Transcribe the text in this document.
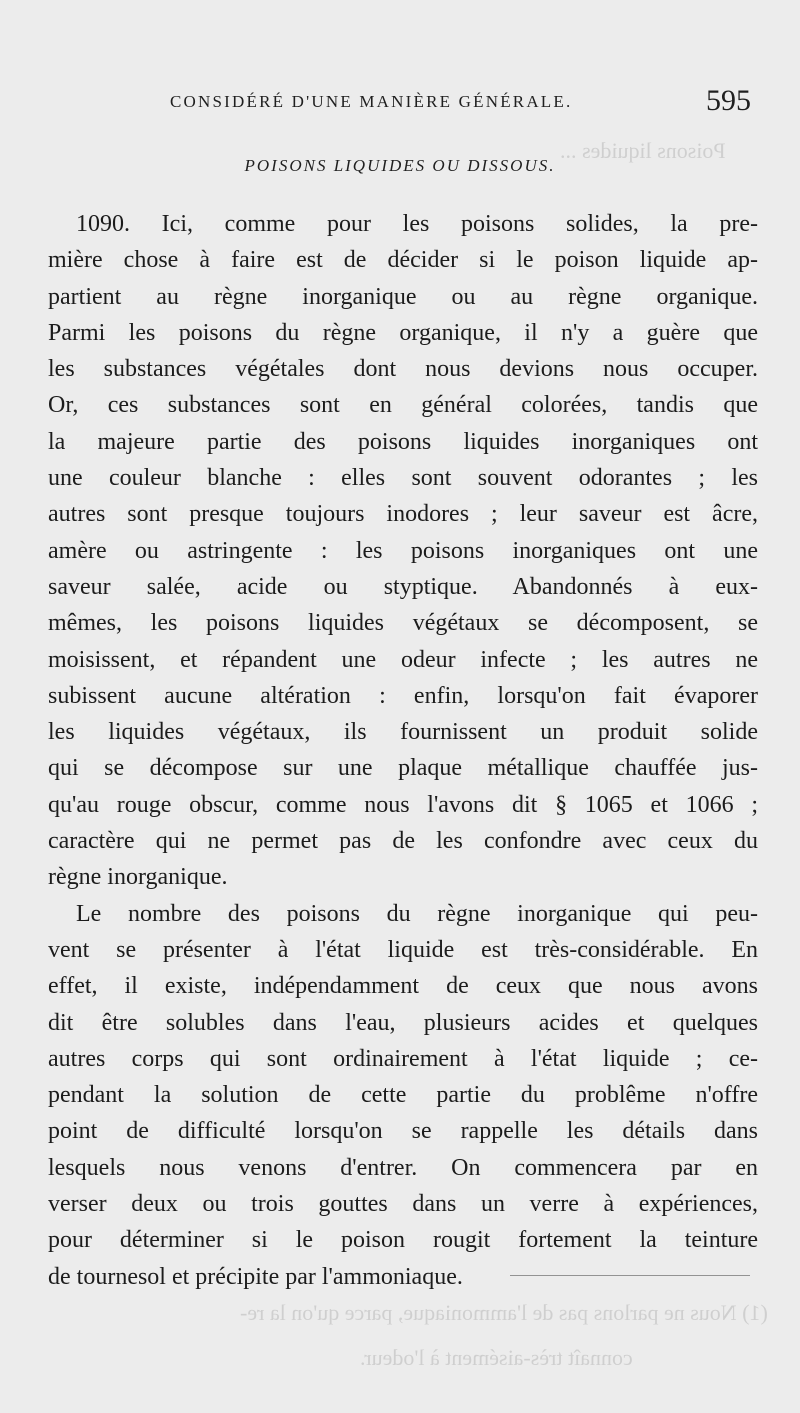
Poisons liquides ...
(1) Nous ne parlons pas de l'ammoniaque, parce qu'on la re-
connaît très-aisément à l'odeur.
CONSIDÉRÉ D'UNE MANIÈRE GÉNÉRALE.	595
POISONS LIQUIDES OU DISSOUS.
1090. Ici, comme pour les poisons solides, la pre-
mière chose à faire est de décider si le poison liquide ap-
partient au règne inorganique ou au règne organique.
Parmi les poisons du règne organique, il n'y a guère que
les substances végétales dont nous devions nous occuper.
Or, ces substances sont en général colorées, tandis que
la majeure partie des poisons liquides inorganiques ont
une couleur blanche : elles sont souvent odorantes ; les
autres sont presque toujours inodores ; leur saveur est âcre,
amère ou astringente : les poisons inorganiques ont une
saveur salée, acide ou styptique. Abandonnés à eux-
mêmes, les poisons liquides végétaux se décomposent, se
moisissent, et répandent une odeur infecte ; les autres ne
subissent aucune altération : enfin, lorsqu'on fait évaporer
les liquides végétaux, ils fournissent un produit solide
qui se décompose sur une plaque métallique chauffée jus-
qu'au rouge obscur, comme nous l'avons dit § 1065 et 1066 ;
caractère qui ne permet pas de les confondre avec ceux du
règne inorganique.
Le nombre des poisons du règne inorganique qui peu-
vent se présenter à l'état liquide est très-considérable. En
effet, il existe, indépendamment de ceux que nous avons
dit être solubles dans l'eau, plusieurs acides et quelques
autres corps qui sont ordinairement à l'état liquide ; ce-
pendant la solution de cette partie du problême n'offre
point de difficulté lorsqu'on se rappelle les détails dans
lesquels nous venons d'entrer. On commencera par en
verser deux ou trois gouttes dans un verre à expériences,
pour déterminer si le poison rougit fortement la teinture
de tournesol et précipite par l'ammoniaque.
